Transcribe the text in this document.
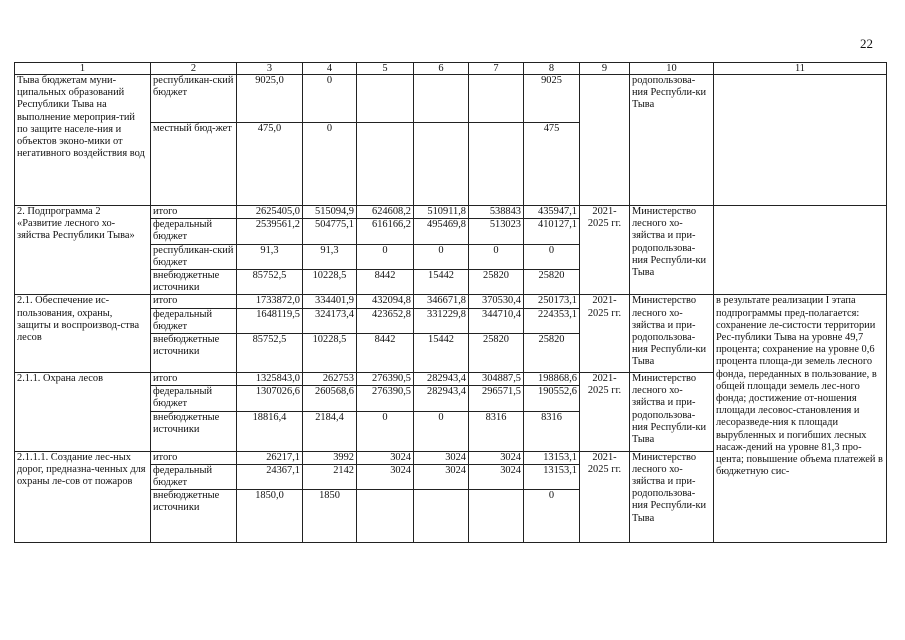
22
1	2	3	4	5	6	7	8	9	10	11
Тыва бюджетам муни-ципальных образований Республики Тыва на выполнение мероприя-тий по защите населе-ния и объектов эконо-мики от негативного воздействия вод	республикан-ский бюджет	9025,0	0				9025		родопользова-ния Республи-ки Тыва	
	местный бюд-жет	475,0	0				475			
2. Подпрограмма 2 «Развитие лесного хо-зяйства Республики Тыва»	итого	2625405,0	515094,9	624608,2	510911,8	538843	435947,1	2021-2025 гг.	Министерство лесного хо-зяйства и при-родопользова-ния Республи-ки Тыва	
	федеральный бюджет	2539561,2	504775,1	616166,2	495469,8	513023	410127,1			
	республикан-ский бюджет	91,3	91,3	0	0	0	0			
	внебюджетные источники	85752,5	10228,5	8442	15442	25820	25820			
2.1. Обеспечение ис-пользования, охраны, защиты и воспроизвод-ства лесов	итого	1733872,0	334401,9	432094,8	346671,8	370530,4	250173,1	2021-2025 гг.	Министерство лесного хо-зяйства и при-родопользова-ния Республи-ки Тыва	в результате реализации I этапа подпрограммы пред-полагается: сохранение ле-систости территории Рес-публики Тыва на уровне 49,7 процента; сохранение на уровне 0,6 процента площа-ди земель лесного фонда, переданных в пользование, в общей площади земель лес-ного фонда; достижение от-ношения площади лесовос-становления и лесоразведе-ния к площади вырубленных и погибших лесных насаж-дений на уровне 81,3 про-цента; повышение объема платежей в бюджетную сис-
	федеральный бюджет	1648119,5	324173,4	423652,8	331229,8	344710,4	224353,1			
	внебюджетные источники	85752,5	10228,5	8442	15442	25820	25820			
2.1.1. Охрана лесов	итого	1325843,0	262753	276390,5	282943,4	304887,5	198868,6	2021-2025 гг.	Министерство лесного хо-зяйства и при-родопользова-ния Республи-ки Тыва	
	федеральный бюджет	1307026,6	260568,6	276390,5	282943,4	296571,5	190552,6			
	внебюджетные источники	18816,4	2184,4	0	0	8316	8316			
2.1.1.1. Создание лес-ных дорог, предназна-ченных для охраны ле-сов от пожаров	итого	26217,1	3992	3024	3024	3024	13153,1	2021-2025 гг.	Министерство лесного хо-зяйства и при-родопользова-ния Республи-ки Тыва	
	федеральный бюджет	24367,1	2142	3024	3024	3024	13153,1			
	внебюджетные источники	1850,0	1850				0			
